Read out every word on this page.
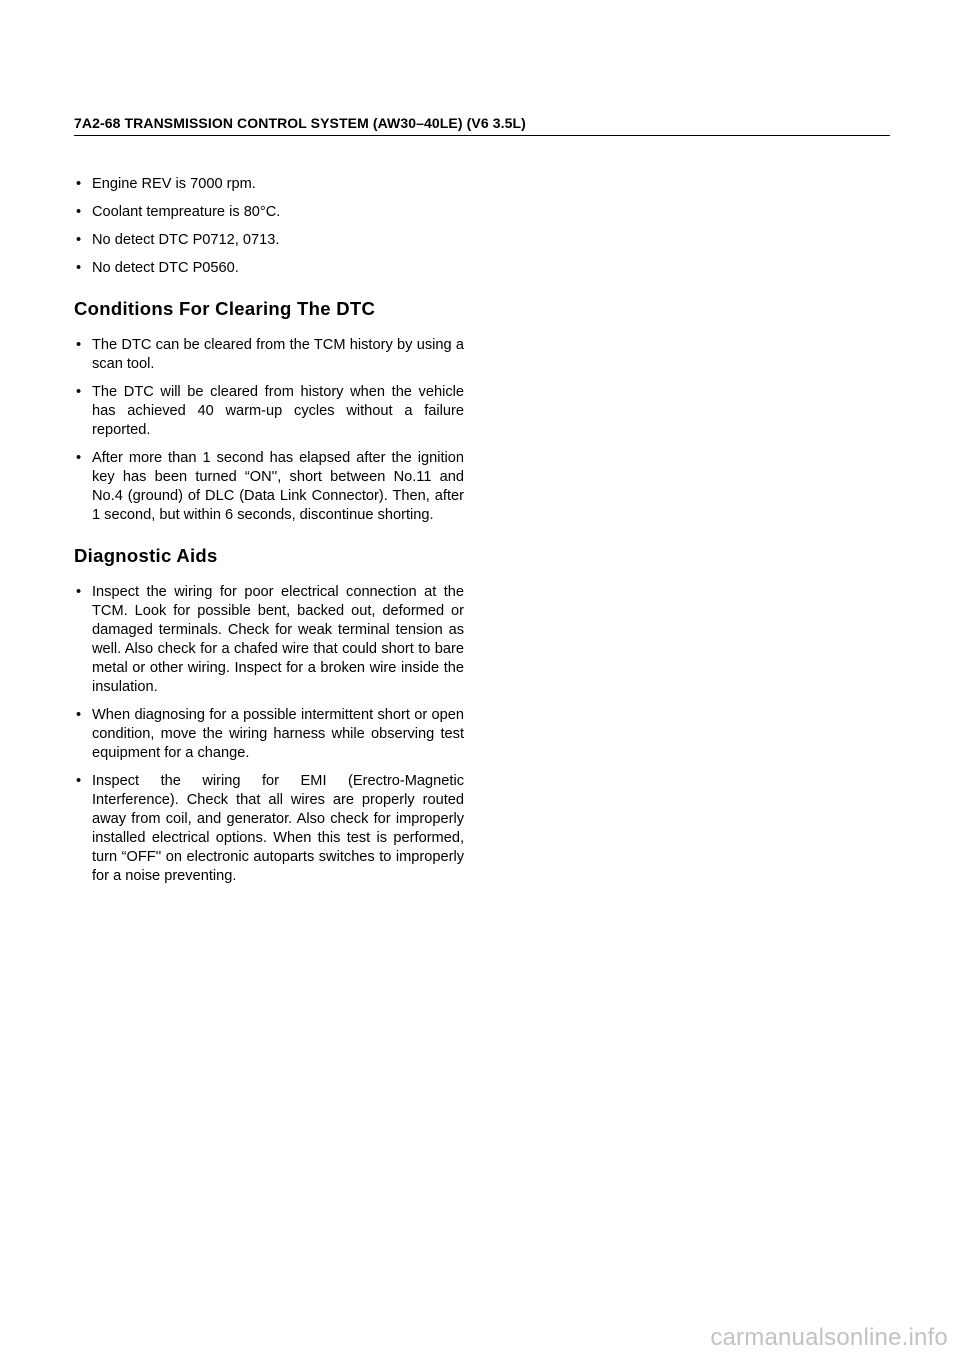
7A2-68 TRANSMISSION CONTROL SYSTEM (AW30–40LE) (V6 3.5L)
• Engine REV is 7000 rpm.
• Coolant tempreature is 80°C.
• No detect DTC P0712, 0713.
• No detect DTC P0560.
Conditions For Clearing The DTC
• The DTC can be cleared from the TCM history by using a scan tool.
• The DTC will be cleared from history when the vehicle has achieved 40 warm-up cycles without a failure reported.
• After more than 1 second has elapsed after the ignition key has been turned “ON'', short between No.11 and No.4 (ground) of DLC (Data Link Connector). Then, after 1 second, but within 6 seconds, discontinue shorting.
Diagnostic Aids
• Inspect the wiring for poor electrical connection at the TCM. Look for possible bent, backed out, deformed or damaged terminals. Check for weak terminal tension as well. Also check for a chafed wire that could short to bare metal or other wiring. Inspect for a broken wire inside the insulation.
• When diagnosing for a possible intermittent short or open condition, move the wiring harness while observing test equipment for a change.
• Inspect the wiring for EMI (Erectro-Magnetic Interference). Check that all wires are properly routed away from coil, and generator. Also check for improperly installed electrical options. When this test is performed, turn “OFF'' on electronic autoparts switches to improperly for a noise preventing.
carmanualsonline.info
